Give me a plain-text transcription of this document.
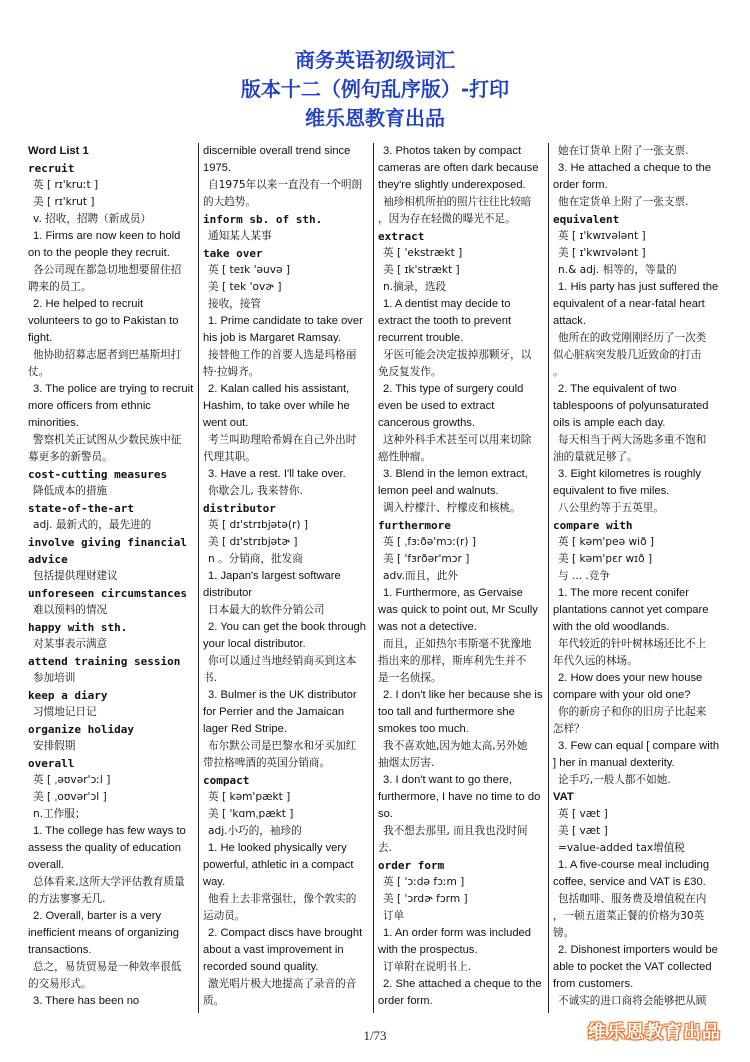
商务英语初级词汇
版本十二（例句乱序版）-打印
维乐恩教育出品
Word List 1
recruit
英 [ rɪ'kruːt ]
美 [ rɪ'krut ]
v. 招收，招聘（新成员）
1. Firms are now keen to hold
on to the people they recruit.
各公司现在都急切地想要留住招
聘来的员工。
2. He helped to recruit
volunteers to go to Pakistan to
fight.
他协助招募志愿者到巴基斯坦打
仗。
3. The police are trying to recruit
more officers from ethnic
minorities.
警察机关正试图从少数民族中征
募更多的新警员。
cost-cutting measures
降低成本的措施
state-of-the-art
adj. 最新式的，最先进的
involve giving financial
advice
包括提供理财建议
unforeseen circumstances
难以预料的情况
happy with sth.
对某事表示满意
attend training session
参加培训
keep a diary
习惯地记日记
organize holiday
安排假期
overall
英 [ ˌəʊvər'ɔːl ]
美 [ ˌoʊvər'ɔl ]
n.工作服；
1. The college has few ways to
assess the quality of education
overall.
总体看来,这所大学评估教育质量
的方法寥寥无几.
2. Overall, barter is a very
inefficient means of organizing
transactions.
总之，易货贸易是一种效率很低
的交易形式。
3. There has been no
discernible overall trend since
1975.
自1975年以来一直没有一个明朗
的大趋势。
inform sb. of sth.
通知某人某事
take over
英 [ teɪk 'əuvə ]
美 [ tek 'ovɚ ]
接收，接管
1. Prime candidate to take over
his job is Margaret Ramsay.
接替他工作的首要人选是玛格丽
特·拉姆齐。
2. Kalan called his assistant,
Hashim, to take over while he
went out.
考兰叫助理哈希姆在自己外出时
代理其职。
3. Have a rest. I'll take over.
你歇会儿, 我来替你.
distributor
英 [ dɪ'strɪbjətə(r) ]
美 [ dɪ'strɪbjətɚ ]
n 。分销商，批发商
1. Japan's largest software
distributor
日本最大的软件分销公司
2. You can get the book through
your local distributor.
你可以通过当地经销商买到这本
书.
3. Bulmer is the UK distributor
for Perrier and the Jamaican
lager Red Stripe.
布尔默公司是巴黎水和牙买加红
带拉格啤酒的英国分销商。
compact
英 [ kəm'pækt ]
美 [ 'kɑmˌpækt ]
adj.小巧的，袖珍的
1. He looked physically very
powerful, athletic in a compact
way.
他看上去非常强壮，像个敦实的
运动员。
2. Compact discs have brought
about a vast improvement in
recorded sound quality.
激光唱片极大地提高了录音的音
质。
3. Photos taken by compact
cameras are often dark because
they're slightly underexposed.
袖珍相机所拍的照片往往比较暗
，因为存在轻微的曝光不足。
extract
英 [ 'ekstrækt ]
美 [ ɪk'strækt ]
n.摘录，选段
1. A dentist may decide to
extract the tooth to prevent
recurrent trouble.
牙医可能会决定拔掉那颗牙，以
免反复发作。
2. This type of surgery could
even be used to extract
cancerous growths.
这种外科手术甚至可以用来切除
癌性肿瘤。
3. Blend in the lemon extract,
lemon peel and walnuts.
调入柠檬汁、柠檬皮和核桃。
furthermore
英 [ ˌfɜːðə'mɔː(r) ]
美 [ 'fɜrðər'mɔr ]
adv.而且，此外
1. Furthermore, as Gervaise
was quick to point out, Mr Scully
was not a detective.
而且，正如热尔韦斯毫不犹豫地
指出来的那样，斯库利先生并不
是一名侦探。
2. I don't like her because she is
too tall and furthermore she
smokes too much.
我不喜欢她,因为她太高,另外她
抽烟太厉害.
3. I don't want to go there,
furthermore, I have no time to do
so.
我不想去那里, 而且我也没时间
去.
order form
英 [ 'ɔːdə fɔːm ]
美 [ 'ɔrdɚ fɔrm ]
订单
1. An order form was included
with the prospectus.
订单附在说明书上.
2. She attached a cheque to the
order form.
她在订货单上附了一张支票.
3. He attached a cheque to the
order form.
他在定货单上附了一张支票.
equivalent
英 [ ɪ'kwɪvələnt ]
美 [ ɪ'kwɪvələnt ]
n.& adj. 相等的，等量的
1. His party has just suffered the
equivalent of a near-fatal heart
attack.
他所在的政党刚刚经历了一次类
似心脏病突发般几近致命的打击
。
2. The equivalent of two
tablespoons of polyunsaturated
oils is ample each day.
每天相当于两大汤匙多重不饱和
油的量就足够了。
3. Eight kilometres is roughly
equivalent to five miles.
八公里约等于五英里。
compare with
英 [ kəm'peə wið ]
美 [ kəm'pɛr wɪð ]
与 ... .竞争
1. The more recent conifer
plantations cannot yet compare
with the old woodlands.
年代较近的针叶树林场还比不上
年代久远的林场。
2. How does your new house
compare with your old one?
你的新房子和你的旧房子比起来
怎样？
3. Few can equal [ compare with
] her in manual dexterity.
论手巧,一般人都不如她.
VAT
英 [ væt ]
美 [ væt ]
=value-added tax增值税
1. A five-course meal including
coffee, service and VAT is £30.
包括咖啡、服务费及增值税在内
，一顿五道菜正餐的价格为30英
镑。
2. Dishonest importers would be
able to pocket the VAT collected
from customers.
不诚实的进口商将会能够把从顾
1/73	维乐恩教育出品
